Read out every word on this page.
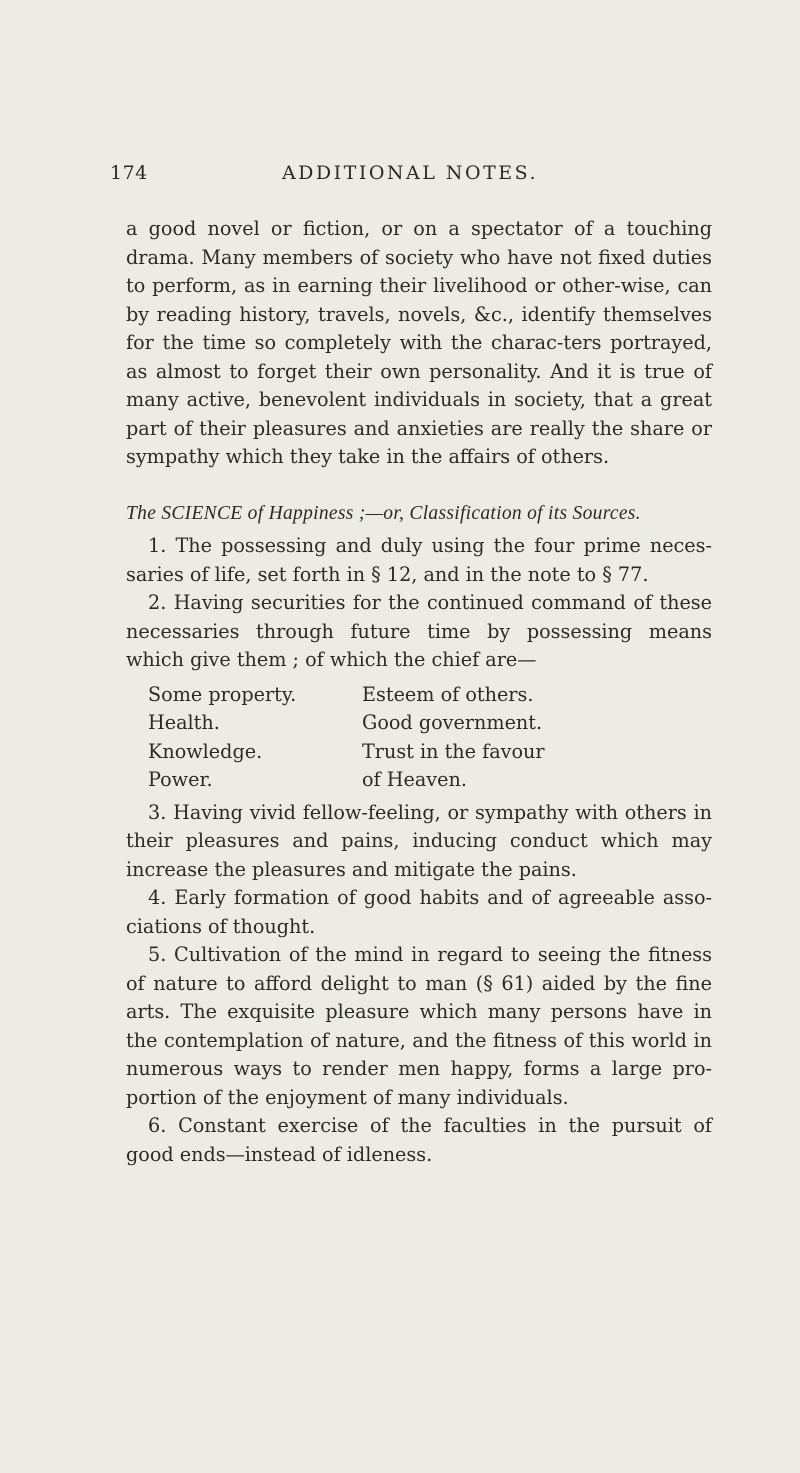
174	ADDITIONAL NOTES.

a good novel or fiction, or on a spectator of a touching drama. Many members of society who have not fixed duties to perform, as in earning their livelihood or other-wise, can by reading history, travels, novels, &c., identify themselves for the time so completely with the charac-ters portrayed, as almost to forget their own personality. And it is true of many active, benevolent individuals in society, that a great part of their pleasures and anxieties are really the share or sympathy which they take in the affairs of others.

The SCIENCE of Happiness ;—or, Classification of its Sources.

1. The possessing and duly using the four prime neces-saries of life, set forth in § 12, and in the note to § 77.

2. Having securities for the continued command of these necessaries through future time by possessing means which give them ; of which the chief are—

Some property.
Health.
Knowledge.
Power.
Esteem of others.
Good government.
Trust in the favour
of Heaven.

3. Having vivid fellow-feeling, or sympathy with others in their pleasures and pains, inducing conduct which may increase the pleasures and mitigate the pains.

4. Early formation of good habits and of agreeable asso-ciations of thought.

5. Cultivation of the mind in regard to seeing the fitness of nature to afford delight to man (§ 61) aided by the fine arts. The exquisite pleasure which many persons have in the contemplation of nature, and the fitness of this world in numerous ways to render men happy, forms a large pro-portion of the enjoyment of many individuals.

6. Constant exercise of the faculties in the pursuit of good ends—instead of idleness.
